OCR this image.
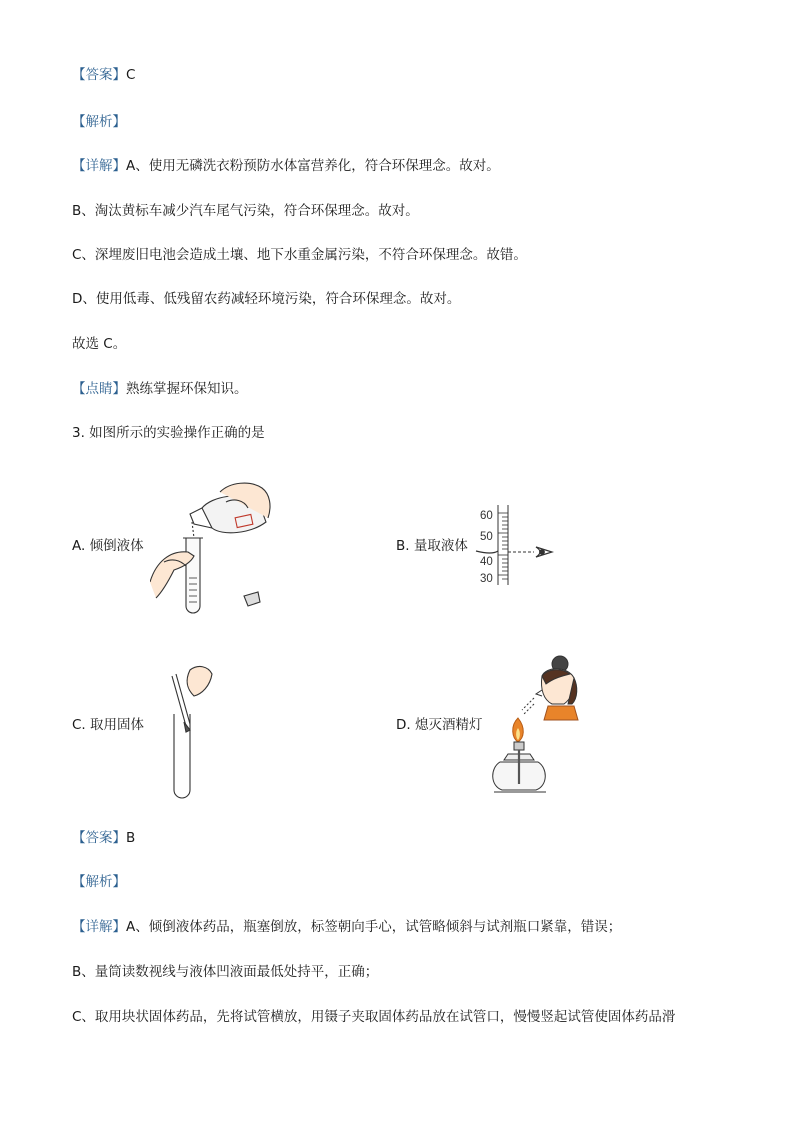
【答案】C
【解析】
【详解】A、使用无磷洗衣粉预防水体富营养化，符合环保理念。故对。
B、淘汰黄标车减少汽车尾气污染，符合环保理念。故对。
C、深埋废旧电池会造成土壤、地下水重金属污染，不符合环保理念。故错。
D、使用低毒、低残留农药减轻环境污染，符合环保理念。故对。
故选 C。
【点睛】熟练掌握环保知识。
3. 如图所示的实验操作正确的是
A. 倾倒液体	B. 量取液体
C. 取用固体	D. 熄灭酒精灯
60
50
40
30
【答案】B
【解析】
【详解】A、倾倒液体药品，瓶塞倒放，标签朝向手心，试管略倾斜与试剂瓶口紧靠，错误；
B、量筒读数视线与液体凹液面最低处持平，正确；
C、取用块状固体药品，先将试管横放，用镊子夹取固体药品放在试管口，慢慢竖起试管使固体药品滑
